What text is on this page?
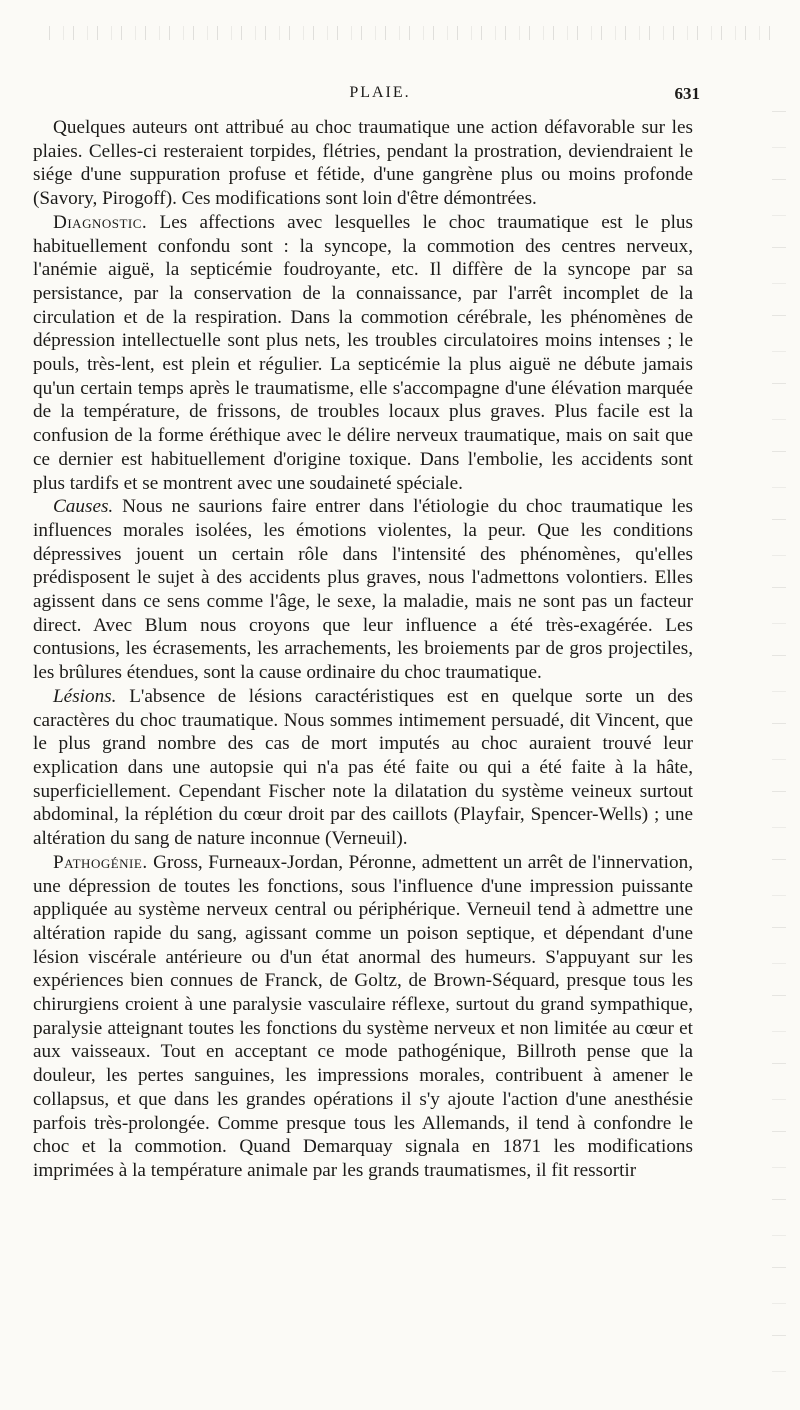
PLAIE.	631

Quelques auteurs ont attribué au choc traumatique une action défavorable sur les plaies. Celles-ci resteraient torpides, flétries, pendant la prostration, deviendraient le siége d'une suppuration profuse et fétide, d'une gangrène plus ou moins profonde (Savory, Pirogoff). Ces modifications sont loin d'être démontrées.

Diagnostic. Les affections avec lesquelles le choc traumatique est le plus habituellement confondu sont : la syncope, la commotion des centres nerveux, l'anémie aiguë, la septicémie foudroyante, etc. Il diffère de la syncope par sa persistance, par la conservation de la connaissance, par l'arrêt incomplet de la circulation et de la respiration. Dans la commotion cérébrale, les phénomènes de dépression intellectuelle sont plus nets, les troubles circulatoires moins intenses ; le pouls, très-lent, est plein et régulier. La septicémie la plus aiguë ne débute jamais qu'un certain temps après le traumatisme, elle s'accompagne d'une élévation marquée de la température, de frissons, de troubles locaux plus graves. Plus facile est la confusion de la forme éréthique avec le délire nerveux traumatique, mais on sait que ce dernier est habituellement d'origine toxique. Dans l'embolie, les accidents sont plus tardifs et se montrent avec une soudaineté spéciale.

Causes. Nous ne saurions faire entrer dans l'étiologie du choc traumatique les influences morales isolées, les émotions violentes, la peur. Que les conditions dépressives jouent un certain rôle dans l'intensité des phénomènes, qu'elles prédisposent le sujet à des accidents plus graves, nous l'admettons volontiers. Elles agissent dans ce sens comme l'âge, le sexe, la maladie, mais ne sont pas un facteur direct. Avec Blum nous croyons que leur influence a été très-exagérée. Les contusions, les écrasements, les arrachements, les broiements par de gros projectiles, les brûlures étendues, sont la cause ordinaire du choc traumatique.

Lésions. L'absence de lésions caractéristiques est en quelque sorte un des caractères du choc traumatique. Nous sommes intimement persuadé, dit Vincent, que le plus grand nombre des cas de mort imputés au choc auraient trouvé leur explication dans une autopsie qui n'a pas été faite ou qui a été faite à la hâte, superficiellement. Cependant Fischer note la dilatation du système veineux surtout abdominal, la réplétion du cœur droit par des caillots (Playfair, Spencer-Wells) ; une altération du sang de nature inconnue (Verneuil).

Pathogénie. Gross, Furneaux-Jordan, Péronne, admettent un arrêt de l'innervation, une dépression de toutes les fonctions, sous l'influence d'une impression puissante appliquée au système nerveux central ou périphérique. Verneuil tend à admettre une altération rapide du sang, agissant comme un poison septique, et dépendant d'une lésion viscérale antérieure ou d'un état anormal des humeurs. S'appuyant sur les expériences bien connues de Franck, de Goltz, de Brown-Séquard, presque tous les chirurgiens croient à une paralysie vasculaire réflexe, surtout du grand sympathique, paralysie atteignant toutes les fonctions du système nerveux et non limitée au cœur et aux vaisseaux. Tout en acceptant ce mode pathogénique, Billroth pense que la douleur, les pertes sanguines, les impressions morales, contribuent à amener le collapsus, et que dans les grandes opérations il s'y ajoute l'action d'une anesthésie parfois très-prolongée. Comme presque tous les Allemands, il tend à confondre le choc et la commotion. Quand Demarquay signala en 1871 les modifications imprimées à la température animale par les grands traumatismes, il fit ressortir
